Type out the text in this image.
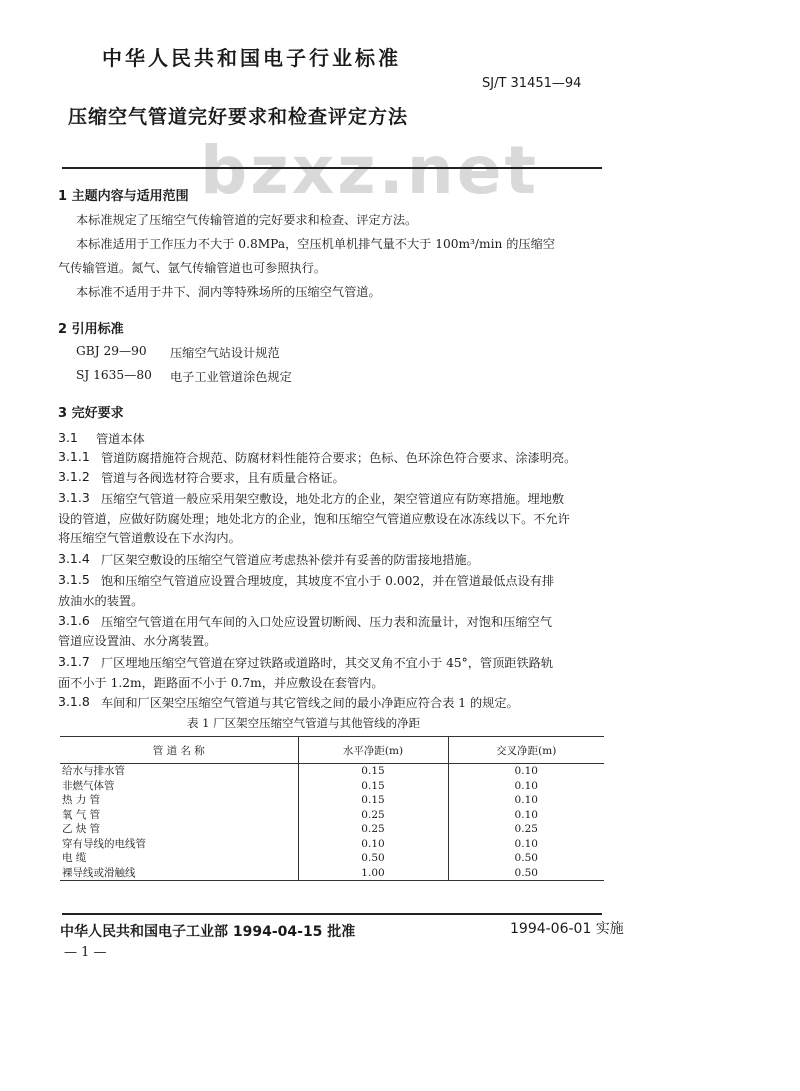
中华人民共和国电子行业标准
SJ/T 31451—94
压缩空气管道完好要求和检查评定方法
bzxz.net
1 主题内容与适用范围
本标准规定了压缩空气传输管道的完好要求和检查、评定方法。
本标准适用于工作压力不大于 0.8MPa，空压机单机排气量不大于 100m³/min 的压缩空
气传输管道。氮气、氩气传输管道也可参照执行。
本标准不适用于井下、洞内等特殊场所的压缩空气管道。
2 引用标准
GBJ 29—90 压缩空气站设计规范
SJ 1635—80 电子工业管道涂色规定
3 完好要求
3.1 管道本体
3.1.1 管道防腐措施符合规范、防腐材料性能符合要求；色标、色环涂色符合要求、涂漆明亮。
3.1.2 管道与各阀选材符合要求，且有质量合格证。
3.1.3 压缩空气管道一般应采用架空敷设，地处北方的企业，架空管道应有防寒措施。埋地敷
设的管道，应做好防腐处理；地处北方的企业，饱和压缩空气管道应敷设在冰冻线以下。不允许
将压缩空气管道敷设在下水沟内。
3.1.4 厂区架空敷设的压缩空气管道应考虑热补偿并有妥善的防雷接地措施。
3.1.5 饱和压缩空气管道应设置合理坡度，其坡度不宜小于 0.002，并在管道最低点设有排
放油水的装置。
3.1.6 压缩空气管道在用气车间的入口处应设置切断阀、压力表和流量计，对饱和压缩空气
管道应设置油、水分离装置。
3.1.7 厂区埋地压缩空气管道在穿过铁路或道路时，其交叉角不宜小于 45°，管顶距铁路轨
面不小于 1.2m，距路面不小于 0.7m，并应敷设在套管内。
3.1.8 车间和厂区架空压缩空气管道与其它管线之间的最小净距应符合表 1 的规定。
表 1 厂区架空压缩空气管道与其他管线的净距
管 道 名 称	水平净距(m)	交叉净距(m)
给水与排水管	0.15	0.10
非燃气体管	0.15	0.10
热 力 管	0.15	0.10
氧 气 管	0.25	0.10
乙 炔 管	0.25	0.25
穿有导线的电线管	0.10	0.10
电 缆	0.50	0.50
裸导线或滑触线	1.00	0.50
中华人民共和国电子工业部 1994-04-15 批准	1994-06-01 实施
— 1 —
